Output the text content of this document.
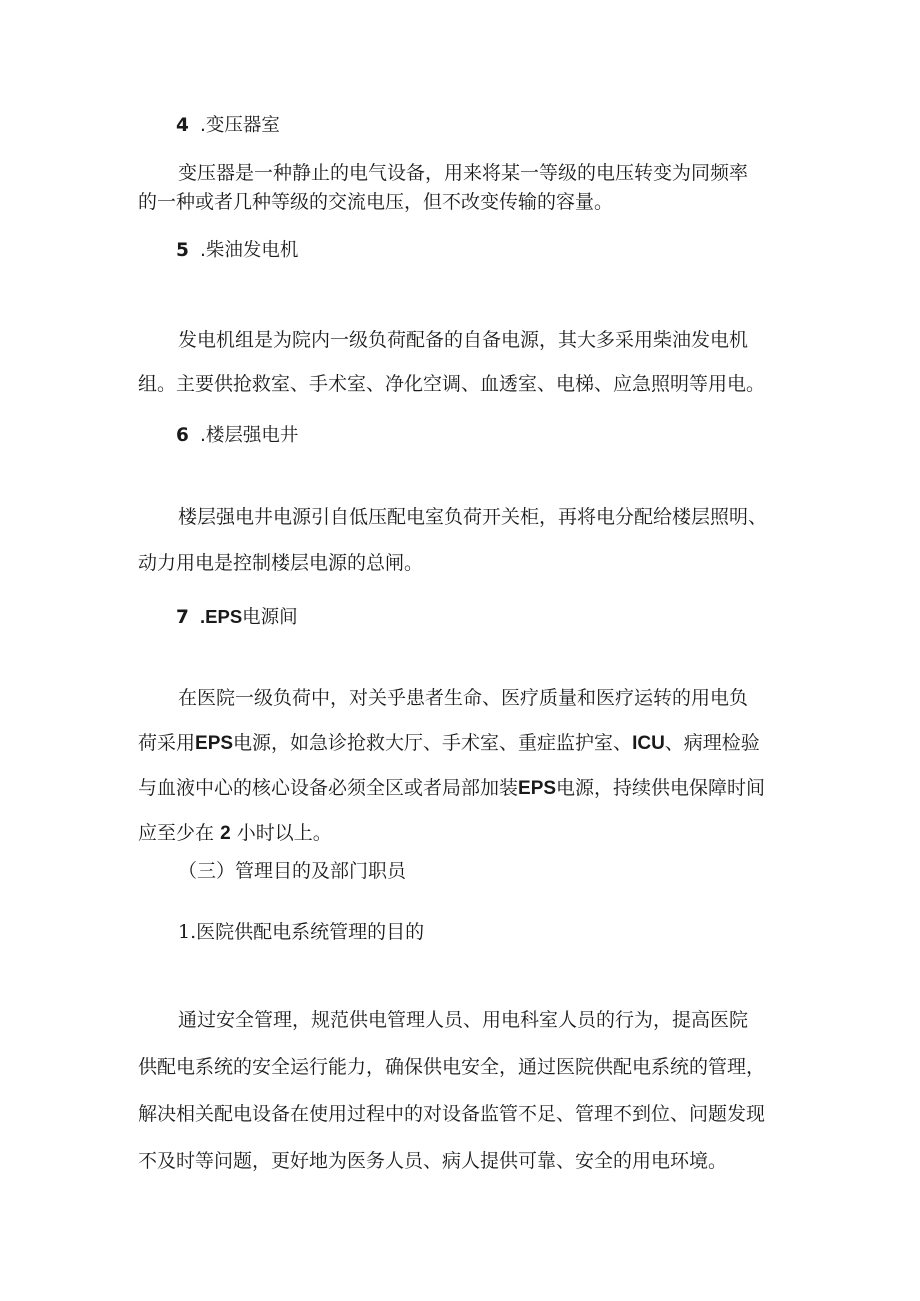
4 .变压器室
变压器是一种静止的电气设备，用来将某一等级的电压转变为同频率
的一种或者几种等级的交流电压，但不改变传输的容量。
5 .柴油发电机
发电机组是为院内一级负荷配备的自备电源，其大多采用柴油发电机
组。主要供抢救室、手术室、净化空调、血透室、电梯、应急照明等用电。
6 .楼层强电井
楼层强电井电源引自低压配电室负荷开关柜，再将电分配给楼层照明、
动力用电是控制楼层电源的总闸。
7 .EPS电源间
在医院一级负荷中，对关乎患者生命、医疗质量和医疗运转的用电负
荷采用EPS电源，如急诊抢救大厅、手术室、重症监护室、ICU、病理检验
与血液中心的核心设备必须全区或者局部加装EPS电源，持续供电保障时间
应至少在 2 小时以上。
（三）管理目的及部门职员
1.医院供配电系统管理的目的
通过安全管理，规范供电管理人员、用电科室人员的行为，提高医院
供配电系统的安全运行能力，确保供电安全，通过医院供配电系统的管理，
解决相关配电设备在使用过程中的对设备监管不足、管理不到位、问题发现
不及时等问题，更好地为医务人员、病人提供可靠、安全的用电环境。
